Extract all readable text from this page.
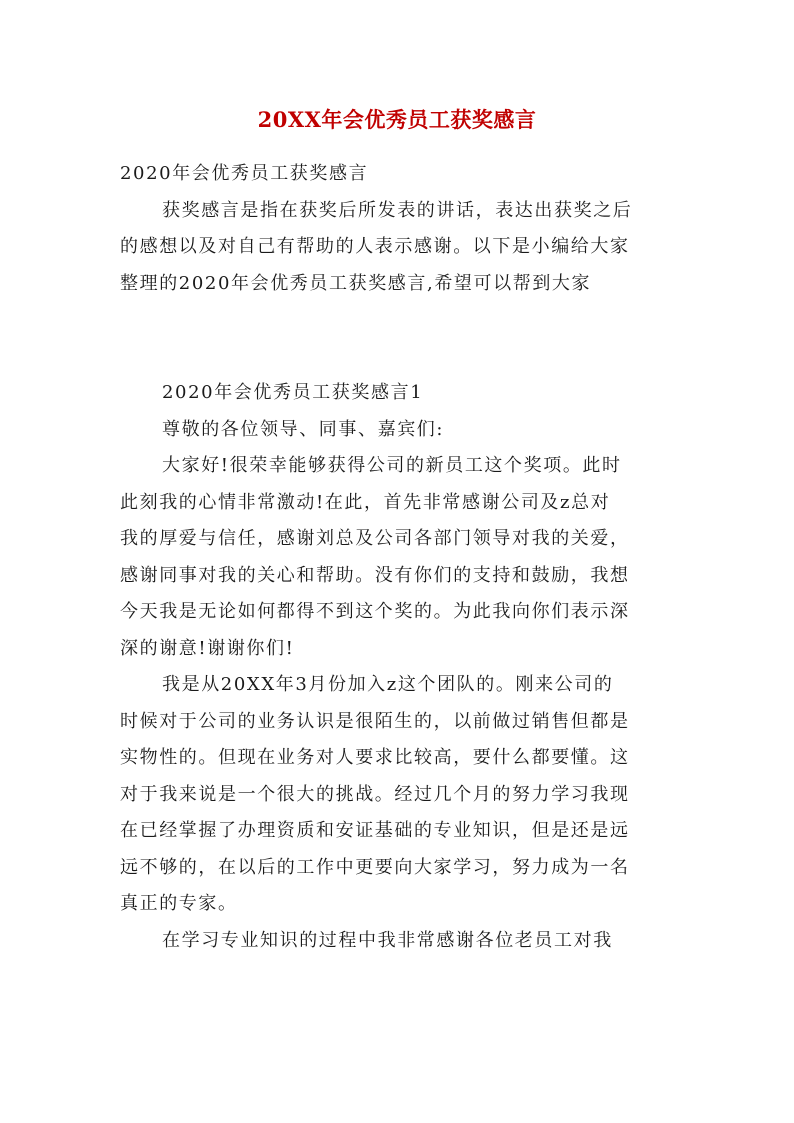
20XX年会优秀员工获奖感言

2020年会优秀员工获奖感言

获奖感言是指在获奖后所发表的讲话，表达出获奖之后
的感想以及对自己有帮助的人表示感谢。以下是小编给大家
整理的2020年会优秀员工获奖感言,希望可以帮到大家

2020年会优秀员工获奖感言1

尊敬的各位领导、同事、嘉宾们:

大家好!很荣幸能够获得公司的新员工这个奖项。此时
此刻我的心情非常激动!在此，首先非常感谢公司及z总对
我的厚爱与信任，感谢刘总及公司各部门领导对我的关爱，
感谢同事对我的关心和帮助。没有你们的支持和鼓励，我想
今天我是无论如何都得不到这个奖的。为此我向你们表示深
深的谢意!谢谢你们!

我是从20XX年3月份加入z这个团队的。刚来公司的
时候对于公司的业务认识是很陌生的，以前做过销售但都是
实物性的。但现在业务对人要求比较高，要什么都要懂。这
对于我来说是一个很大的挑战。经过几个月的努力学习我现
在已经掌握了办理资质和安证基础的专业知识，但是还是远
远不够的，在以后的工作中更要向大家学习，努力成为一名
真正的专家。

在学习专业知识的过程中我非常感谢各位老员工对我
